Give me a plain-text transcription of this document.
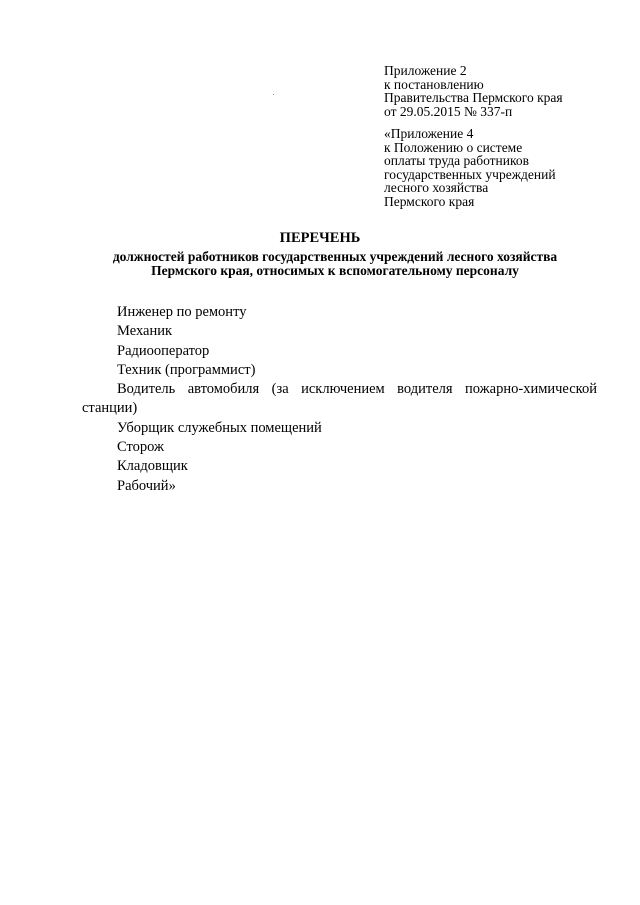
Приложение 2
к постановлению
Правительства Пермского края
от 29.05.2015 № 337-п
«Приложение 4
к Положению о системе
оплаты труда работников
государственных учреждений
лесного хозяйства
Пермского края
ПЕРЕЧЕНЬ
должностей работников государственных учреждений лесного хозяйства
Пермского края, относимых к вспомогательному персоналу
Инженер по ремонту
Механик
Радиооператор
Техник (программист)
Водитель автомобиля (за исключением водителя пожарно-химической
станции)
Уборщик служебных помещений
Сторож
Кладовщик
Рабочий»
